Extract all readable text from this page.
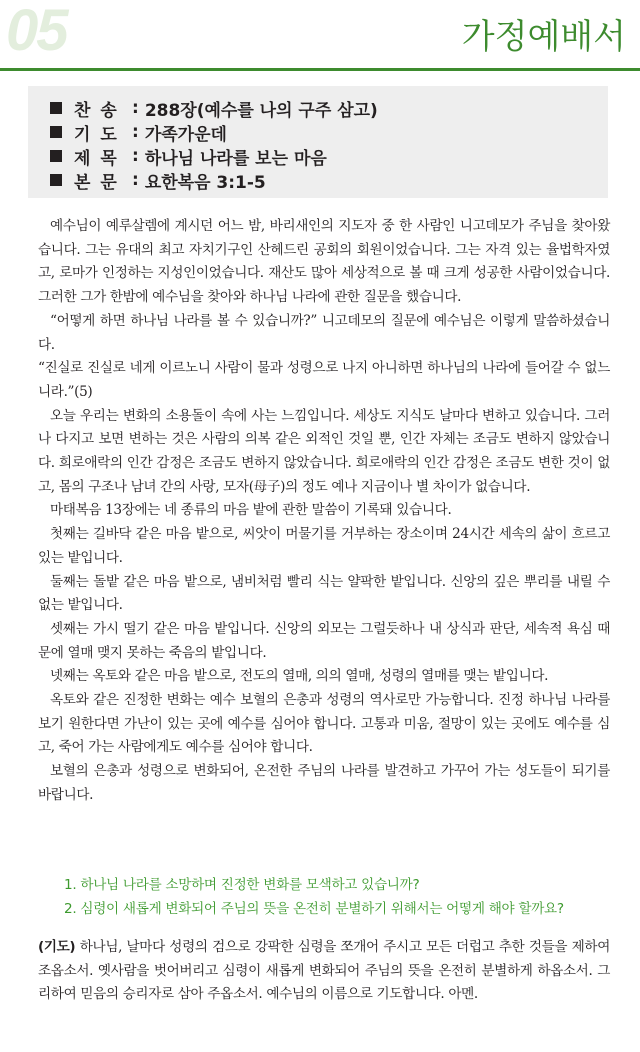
05	가정예배서
찬 송 : 288장(예수를 나의 구주 삼고)
기 도 : 가족가운데
제 목 : 하나님 나라를 보는 마음
본 문 : 요한복음 3:1-5

예수님이 예루살렘에 계시던 어느 밤, 바리새인의 지도자 중 한 사람인 니고데모가 주님을 찾아왔습니다. 그는 유대의 최고 자치기구인 산헤드린 공회의 회원이었습니다. 그는 자격 있는 율법학자였고, 로마가 인정하는 지성인이었습니다. 재산도 많아 세상적으로 볼 때 크게 성공한 사람이었습니다. 그러한 그가 한밤에 예수님을 찾아와 하나님 나라에 관한 질문을 했습니다.

“어떻게 하면 하나님 나라를 볼 수 있습니까?” 니고데모의 질문에 예수님은 이렇게 말씀하셨습니다.

“진실로 진실로 네게 이르노니 사람이 물과 성령으로 나지 아니하면 하나님의 나라에 들어갈 수 없느니라.”(5)

오늘 우리는 변화의 소용돌이 속에 사는 느낌입니다. 세상도 지식도 날마다 변하고 있습니다. 그러나 다지고 보면 변하는 것은 사람의 의복 같은 외적인 것일 뿐, 인간 자체는 조금도 변하지 않았습니다. 희로애락의 인간 감정은 조금도 변하지 않았습니다. 희로애락의 인간 감정은 조금도 변한 것이 없고, 몸의 구조나 남녀 간의 사랑, 모자(母子)의 정도 예나 지금이나 별 차이가 없습니다.

마태복음 13장에는 네 종류의 마음 밭에 관한 말씀이 기록돼 있습니다.

첫째는 길바닥 같은 마음 밭으로, 씨앗이 머물기를 거부하는 장소이며 24시간 세속의 삶이 흐르고 있는 밭입니다.

둘째는 돌밭 같은 마음 밭으로, 냄비처럼 빨리 식는 얄팍한 밭입니다. 신앙의 깊은 뿌리를 내릴 수 없는 밭입니다.

셋째는 가시 떨기 같은 마음 밭입니다. 신앙의 외모는 그럴듯하나 내 상식과 판단, 세속적 욕심 때문에 열매 맺지 못하는 죽음의 밭입니다.

넷째는 옥토와 같은 마음 밭으로, 전도의 열매, 의의 열매, 성령의 열매를 맺는 밭입니다.

옥토와 같은 진정한 변화는 예수 보혈의 은총과 성령의 역사로만 가능합니다. 진정 하나님 나라를 보기 원한다면 가난이 있는 곳에 예수를 심어야 합니다. 고통과 미움, 절망이 있는 곳에도 예수를 심고, 죽어 가는 사람에게도 예수를 심어야 합니다.

보혈의 은총과 성령으로 변화되어, 온전한 주님의 나라를 발견하고 가꾸어 가는 성도들이 되기를 바랍니다.

1. 하나님 나라를 소망하며 진정한 변화를 모색하고 있습니까?

2. 심령이 새롭게 변화되어 주님의 뜻을 온전히 분별하기 위해서는 어떻게 해야 할까요?

(기도) 하나님, 날마다 성령의 검으로 강팍한 심령을 쪼개어 주시고 모든 더럽고 추한 것들을 제하여 조옵소서. 옛사람을 벗어버리고 심령이 새롭게 변화되어 주님의 뜻을 온전히 분별하게 하옵소서. 그리하여 믿음의 승리자로 삼아 주옵소서. 예수님의 이름으로 기도합니다. 아멘.
